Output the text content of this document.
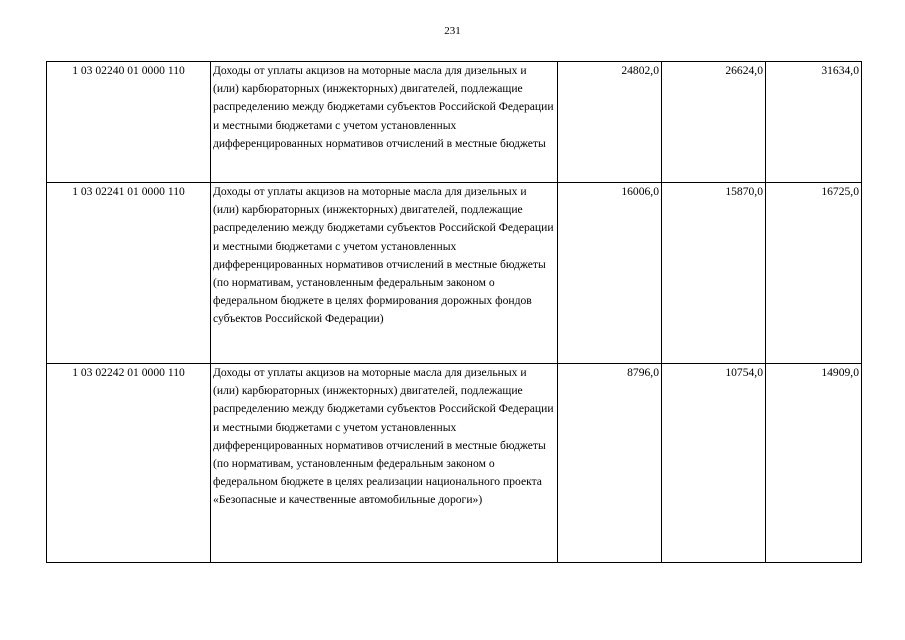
231
1 03 02240 01 0000 110	Доходы от уплаты акцизов на моторные масла для дизельных и (или) карбюраторных (инжекторных) двигателей, подлежащие распределению между бюджетами субъектов Российской Федерации и местными бюджетами с учетом установленных дифференцированных нормативов отчислений в местные бюджеты	24802,0	26624,0	31634,0
1 03 02241 01 0000 110	Доходы от уплаты акцизов на моторные масла для дизельных и (или) карбюраторных (инжекторных) двигателей, подлежащие распределению между бюджетами субъектов Российской Федерации и местными бюджетами с учетом установленных дифференцированных нормативов отчислений в местные бюджеты (по нормативам, установленным федеральным законом о федеральном бюджете в целях формирования дорожных фондов субъектов Российской Федерации)	16006,0	15870,0	16725,0
1 03 02242 01 0000 110	Доходы от уплаты акцизов на моторные масла для дизельных и (или) карбюраторных (инжекторных) двигателей, подлежащие распределению между бюджетами субъектов Российской Федерации и местными бюджетами с учетом установленных дифференцированных нормативов отчислений в местные бюджеты (по нормативам, установленным федеральным законом о федеральном бюджете в целях реализации национального проекта «Безопасные и качественные автомобильные дороги»)	8796,0	10754,0	14909,0
